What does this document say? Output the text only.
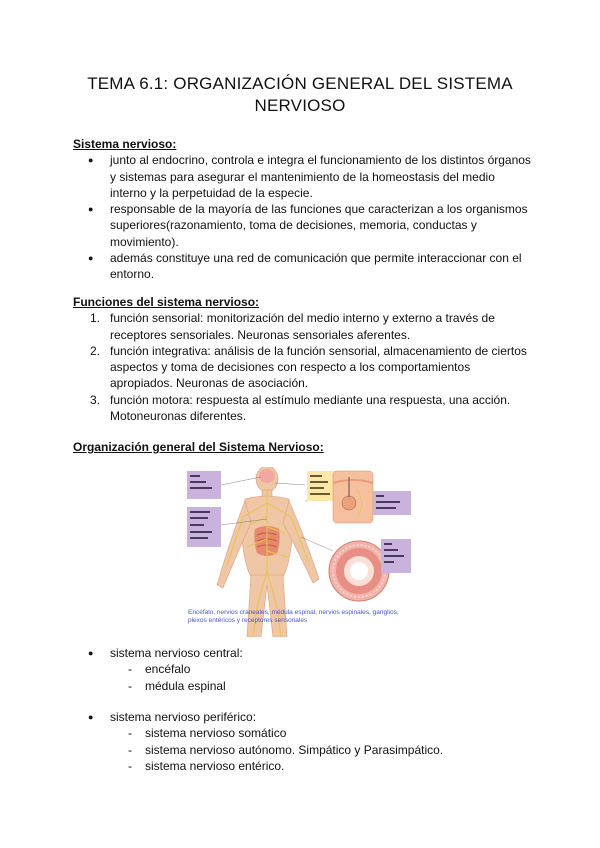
TEMA 6.1: ORGANIZACIÓN GENERAL DEL SISTEMA NERVIOSO

Sistema nervioso:

● junto al endocrino, controla e integra el funcionamiento de los distintos órganos y sistemas para asegurar el mantenimiento de la homeostasis del medio interno y la perpetuidad de la especie.
● responsable de la mayoría de las funciones que caracterizan a los organismos superiores(razonamiento, toma de decisiones, memoria, conductas y movimiento).
● además constituye una red de comunicación que permite interaccionar con el entorno.

Funciones del sistema nervioso:

1. función sensorial: monitorización del medio interno y externo a través de receptores sensoriales. Neuronas sensoriales aferentes.
2. función integrativa: análisis de la función sensorial, almacenamiento de ciertos aspectos y toma de decisiones con respecto a los comportamientos apropiados. Neuronas de asociación.
3. función motora: respuesta al estímulo mediante una respuesta, una acción. Motoneuronas diferentes.

Organización general del Sistema Nervioso:

Encéfalo, nervios craneales, médula espinal, nervios espinales, ganglios, plexos entéricos y receptores sensoriales
● sistema nervioso central:
- encéfalo
- médula espinal
● sistema nervioso periférico:
- sistema nervioso somático
- sistema nervioso autónomo. Simpático y Parasimpático.
- sistema nervioso entérico.
